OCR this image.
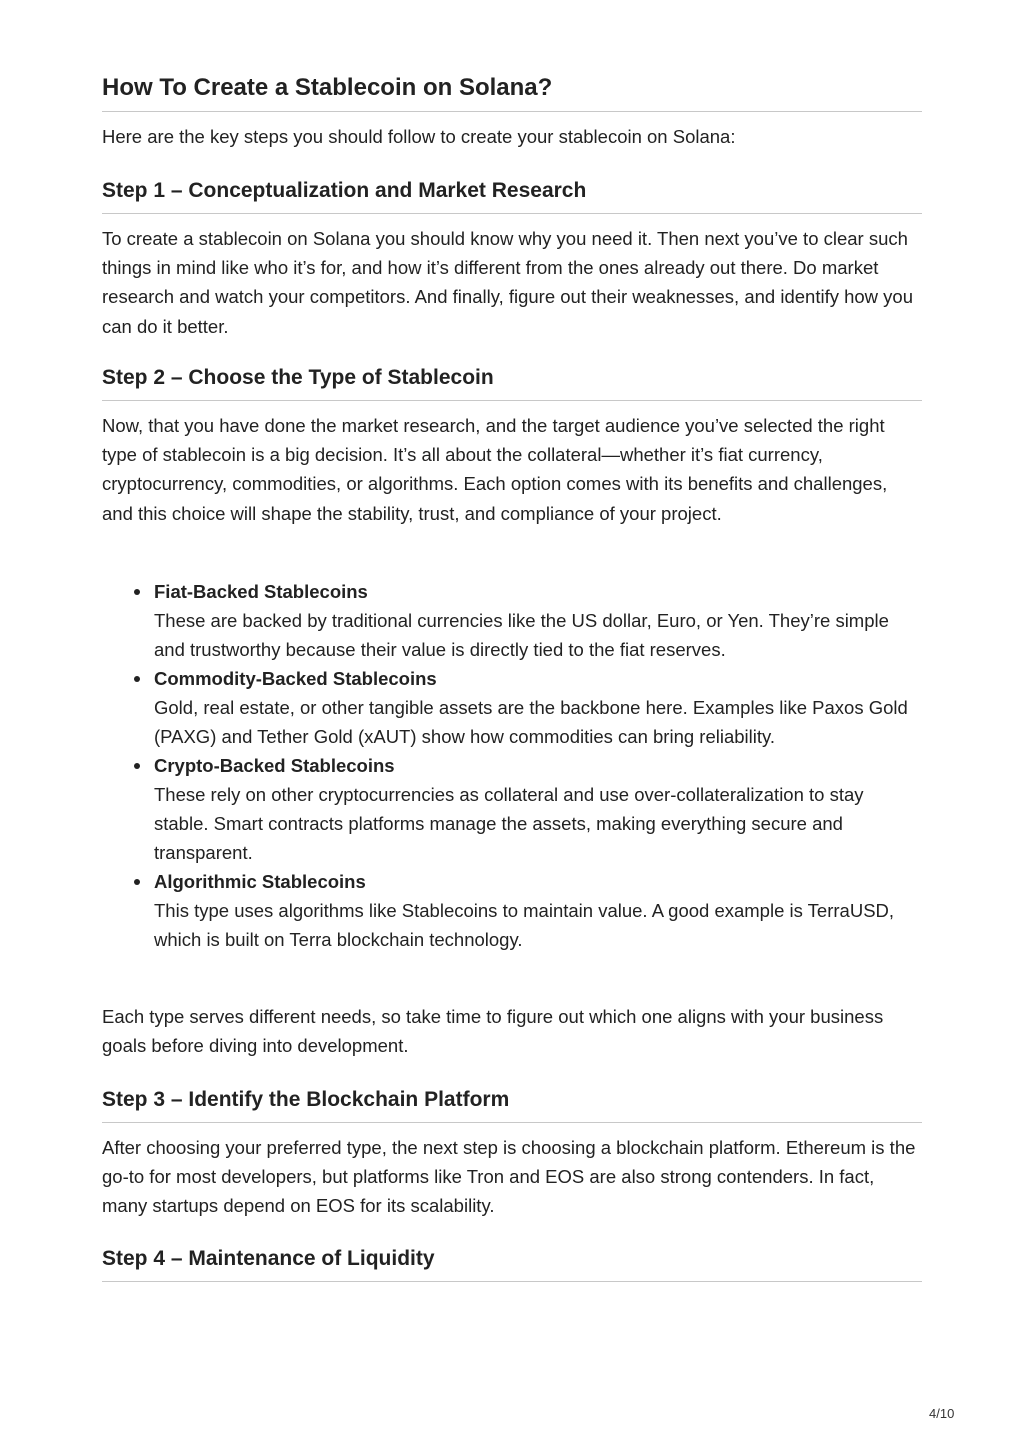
How To Create a Stablecoin on Solana?

Here are the key steps you should follow to create your stablecoin on Solana:

Step 1 – Conceptualization and Market Research

To create a stablecoin on Solana you should know why you need it. Then next you’ve to clear such things in mind like who it’s for, and how it’s different from the ones already out there. Do market research and watch your competitors. And finally, figure out their weaknesses, and identify how you can do it better.

Step 2 – Choose the Type of Stablecoin

Now, that you have done the market research, and the target audience you’ve selected the right type of stablecoin is a big decision. It’s all about the collateral—whether it’s fiat currency, cryptocurrency, commodities, or algorithms. Each option comes with its benefits and challenges, and this choice will shape the stability, trust, and compliance of your project.

Fiat-Backed Stablecoins
These are backed by traditional currencies like the US dollar, Euro, or Yen. They’re simple and trustworthy because their value is directly tied to the fiat reserves.
Commodity-Backed Stablecoins
Gold, real estate, or other tangible assets are the backbone here. Examples like Paxos Gold (PAXG) and Tether Gold (xAUT) show how commodities can bring reliability.
Crypto-Backed Stablecoins
These rely on other cryptocurrencies as collateral and use over-collateralization to stay stable. Smart contracts platforms manage the assets, making everything secure and transparent.
Algorithmic Stablecoins
This type uses algorithms like Stablecoins to maintain value. A good example is TerraUSD, which is built on Terra blockchain technology.

Each type serves different needs, so take time to figure out which one aligns with your business goals before diving into development.

Step 3 – Identify the Blockchain Platform

After choosing your preferred type, the next step is choosing a blockchain platform. Ethereum is the go-to for most developers, but platforms like Tron and EOS are also strong contenders. In fact, many startups depend on EOS for its scalability.

Step 4 – Maintenance of Liquidity
4/10
